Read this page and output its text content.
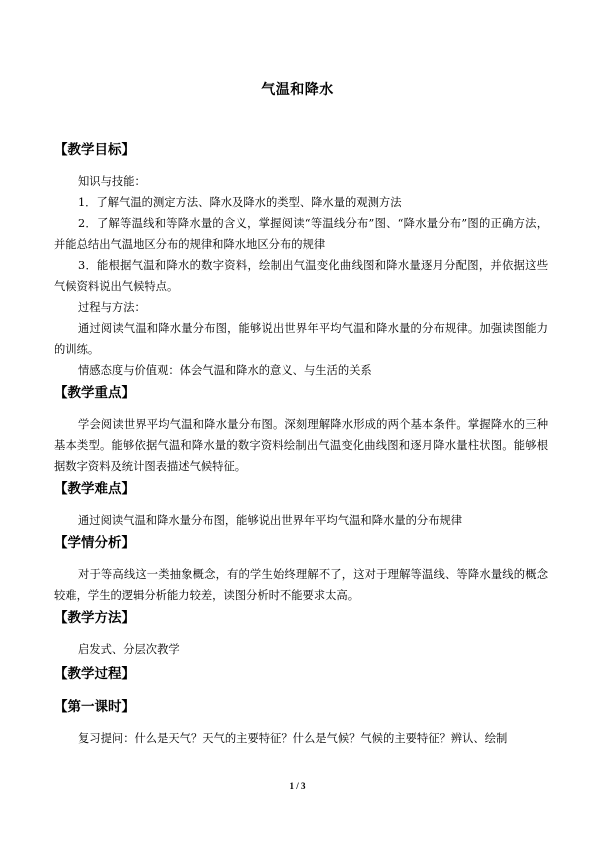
气温和降水
【教学目标】

知识与技能：

1．了解气温的测定方法、降水及降水的类型、降水量的观测方法

2．了解等温线和等降水量的含义，掌握阅读“等温线分布”图、“降水量分布”图的正确方法，并能总结出气温地区分布的规律和降水地区分布的规律

3．能根据气温和降水的数字资料，绘制出气温变化曲线图和降水量逐月分配图，并依据这些气候资料说出气候特点。

过程与方法：

通过阅读气温和降水量分布图，能够说出世界年平均气温和降水量的分布规律。加强读图能力的训练。

情感态度与价值观：体会气温和降水的意义、与生活的关系

【教学重点】

学会阅读世界平均气温和降水量分布图。深刻理解降水形成的两个基本条件。掌握降水的三种基本类型。能够依据气温和降水量的数字资料绘制出气温变化曲线图和逐月降水量柱状图。能够根据数字资料及统计图表描述气候特征。

【教学难点】

通过阅读气温和降水量分布图，能够说出世界年平均气温和降水量的分布规律

【学情分析】

对于等高线这一类抽象概念，有的学生始终理解不了，这对于理解等温线、等降水量线的概念较难，学生的逻辑分析能力较差，读图分析时不能要求太高。

【教学方法】

启发式、分层次教学

【教学过程】
【第一课时】

复习提问：什么是天气？天气的主要特征？什么是气候？气候的主要特征？辨认、绘制

1 / 3
